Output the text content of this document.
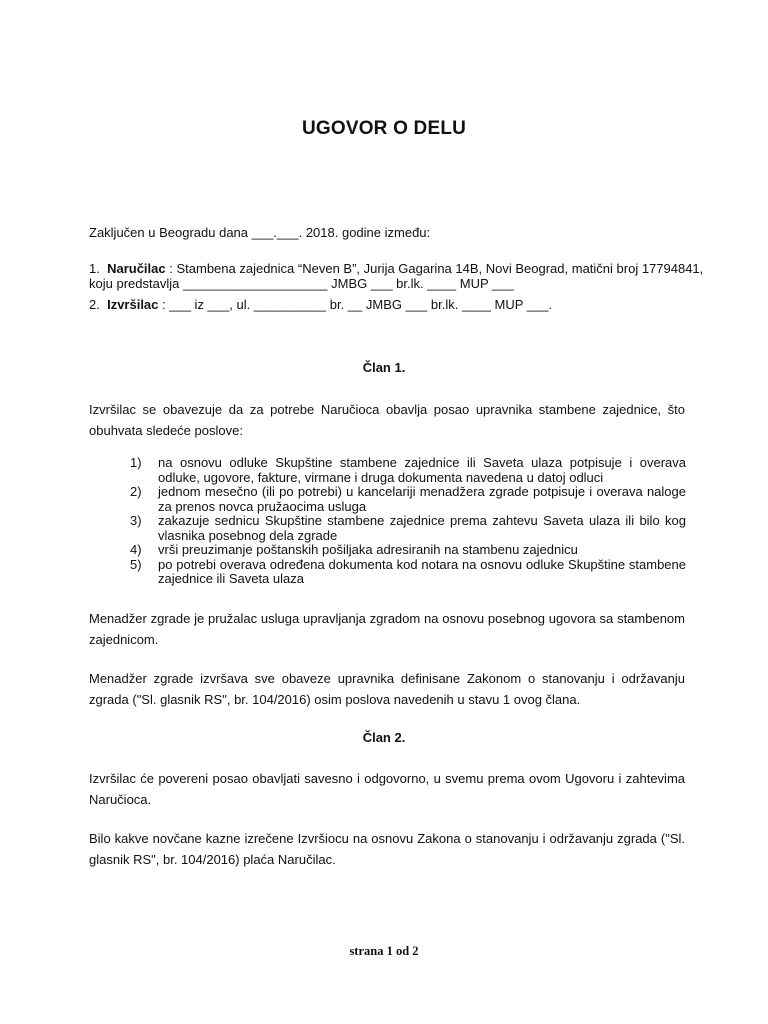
UGOVOR O DELU
Zaključen u Beogradu dana ___.___. 2018. godine između:
1. Naručilac : Stambena zajednica “Neven B”, Jurija Gagarina 14B, Novi Beograd, matični broj 17794841,
koju predstavlja ____________________ JMBG ___ br.lk. ____ MUP ___
2. Izvršilac : ___ iz ___, ul. __________ br. __ JMBG ___ br.lk. ____ MUP ___.
Član 1.
Izvršilac se obavezuje da za potrebe Naručioca obavlja posao upravnika stambene zajednice, što obuhvata sledeće poslove:
1) na osnovu odluke Skupštine stambene zajednice ili Saveta ulaza potpisuje i overava odluke, ugovore, fakture, virmane i druga dokumenta navedena u datoj odluci
2) jednom mesečno (ili po potrebi) u kancelariji menadžera zgrade potpisuje i overava naloge za prenos novca pružaocima usluga
3) zakazuje sednicu Skupštine stambene zajednice prema zahtevu Saveta ulaza ili bilo kog vlasnika posebnog dela zgrade
4) vrši preuzimanje poštanskih pošiljaka adresiranih na stambenu zajednicu
5) po potrebi overava određena dokumenta kod notara na osnovu odluke Skupštine stambene zajednice ili Saveta ulaza
Menadžer zgrade je pružalac usluga upravljanja zgradom na osnovu posebnog ugovora sa stambenom zajednicom.
Menadžer zgrade izvršava sve obaveze upravnika definisane Zakonom o stanovanju i održavanju zgrada ("Sl. glasnik RS", br. 104/2016) osim poslova navedenih u stavu 1 ovog člana.
Član 2.
Izvršilac će povereni posao obavljati savesno i odgovorno, u svemu prema ovom Ugovoru i zahtevima Naručioca.
Bilo kakve novčane kazne izrečene Izvršiocu na osnovu Zakona o stanovanju i održavanju zgrada ("Sl. glasnik RS", br. 104/2016) plaća Naručilac.
strana 1 od 2
